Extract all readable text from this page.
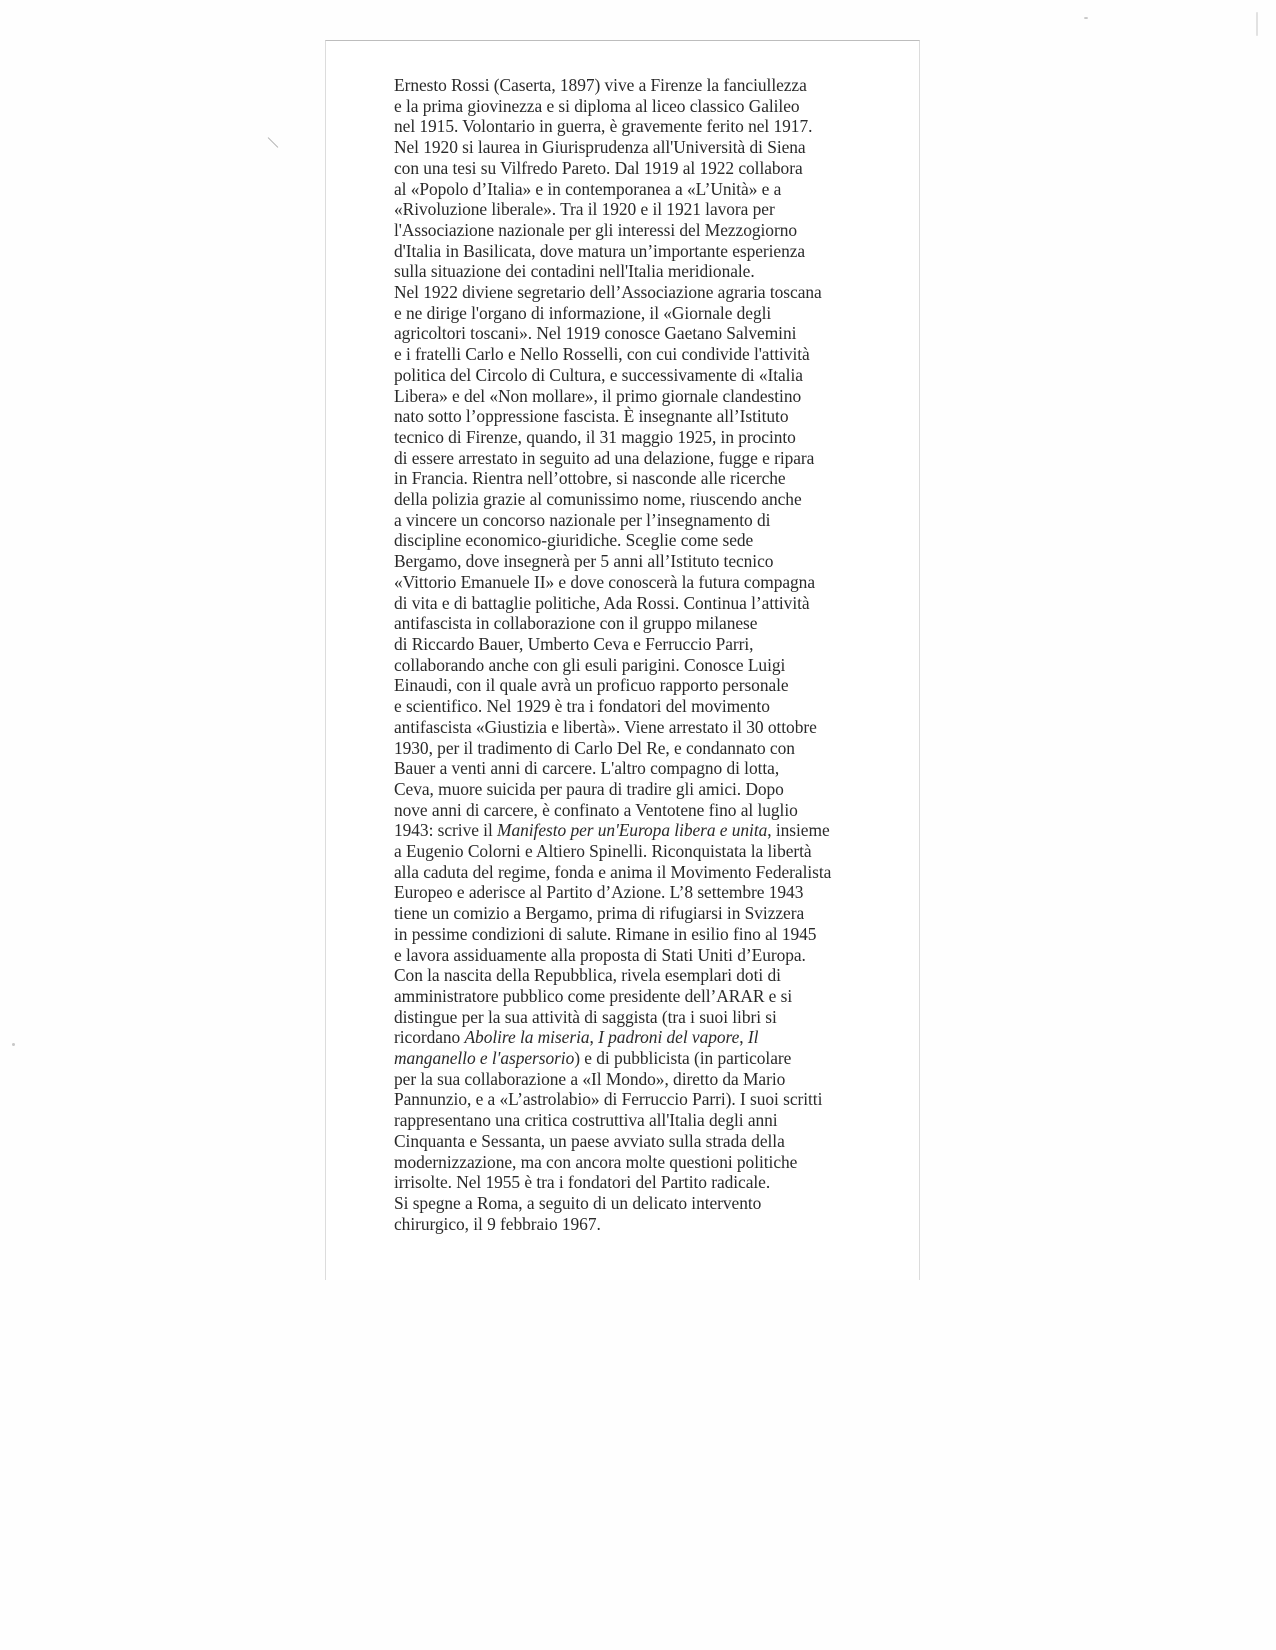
Ernesto Rossi (Caserta, 1897) vive a Firenze la fanciullezza
e la prima giovinezza e si diploma al liceo classico Galileo
nel 1915. Volontario in guerra, è gravemente ferito nel 1917.
Nel 1920 si laurea in Giurisprudenza all'Università di Siena
con una tesi su Vilfredo Pareto. Dal 1919 al 1922 collabora
al «Popolo d’Italia» e in contemporanea a «L’Unità» e a
«Rivoluzione liberale». Tra il 1920 e il 1921 lavora per
l'Associazione nazionale per gli interessi del Mezzogiorno
d'Italia in Basilicata, dove matura un’importante esperienza
sulla situazione dei contadini nell'Italia meridionale.
Nel 1922 diviene segretario dell’Associazione agraria toscana
e ne dirige l'organo di informazione, il «Giornale degli
agricoltori toscani». Nel 1919 conosce Gaetano Salvemini
e i fratelli Carlo e Nello Rosselli, con cui condivide l'attività
politica del Circolo di Cultura, e successivamente di «Italia
Libera» e del «Non mollare», il primo giornale clandestino
nato sotto l’oppressione fascista. È insegnante all’Istituto
tecnico di Firenze, quando, il 31 maggio 1925, in procinto
di essere arrestato in seguito ad una delazione, fugge e ripara
in Francia. Rientra nell’ottobre, si nasconde alle ricerche
della polizia grazie al comunissimo nome, riuscendo anche
a vincere un concorso nazionale per l’insegnamento di
discipline economico-giuridiche. Sceglie come sede
Bergamo, dove insegnerà per 5 anni all’Istituto tecnico
«Vittorio Emanuele II» e dove conoscerà la futura compagna
di vita e di battaglie politiche, Ada Rossi. Continua l’attività
antifascista in collaborazione con il gruppo milanese
di Riccardo Bauer, Umberto Ceva e Ferruccio Parri,
collaborando anche con gli esuli parigini. Conosce Luigi
Einaudi, con il quale avrà un proficuo rapporto personale
e scientifico. Nel 1929 è tra i fondatori del movimento
antifascista «Giustizia e libertà». Viene arrestato il 30 ottobre
1930, per il tradimento di Carlo Del Re, e condannato con
Bauer a venti anni di carcere. L'altro compagno di lotta,
Ceva, muore suicida per paura di tradire gli amici. Dopo
nove anni di carcere, è confinato a Ventotene fino al luglio
1943: scrive il Manifesto per un'Europa libera e unita, insieme
a Eugenio Colorni e Altiero Spinelli. Riconquistata la libertà
alla caduta del regime, fonda e anima il Movimento Federalista
Europeo e aderisce al Partito d’Azione. L’8 settembre 1943
tiene un comizio a Bergamo, prima di rifugiarsi in Svizzera
in pessime condizioni di salute. Rimane in esilio fino al 1945
e lavora assiduamente alla proposta di Stati Uniti d’Europa.
Con la nascita della Repubblica, rivela esemplari doti di
amministratore pubblico come presidente dell’ARAR e si
distingue per la sua attività di saggista (tra i suoi libri si
ricordano Abolire la miseria, I padroni del vapore, Il
manganello e l'aspersorio) e di pubblicista (in particolare
per la sua collaborazione a «Il Mondo», diretto da Mario
Pannunzio, e a «L’astrolabio» di Ferruccio Parri). I suoi scritti
rappresentano una critica costruttiva all'Italia degli anni
Cinquanta e Sessanta, un paese avviato sulla strada della
modernizzazione, ma con ancora molte questioni politiche
irrisolte. Nel 1955 è tra i fondatori del Partito radicale.
Si spegne a Roma, a seguito di un delicato intervento
chirurgico, il 9 febbraio 1967.
